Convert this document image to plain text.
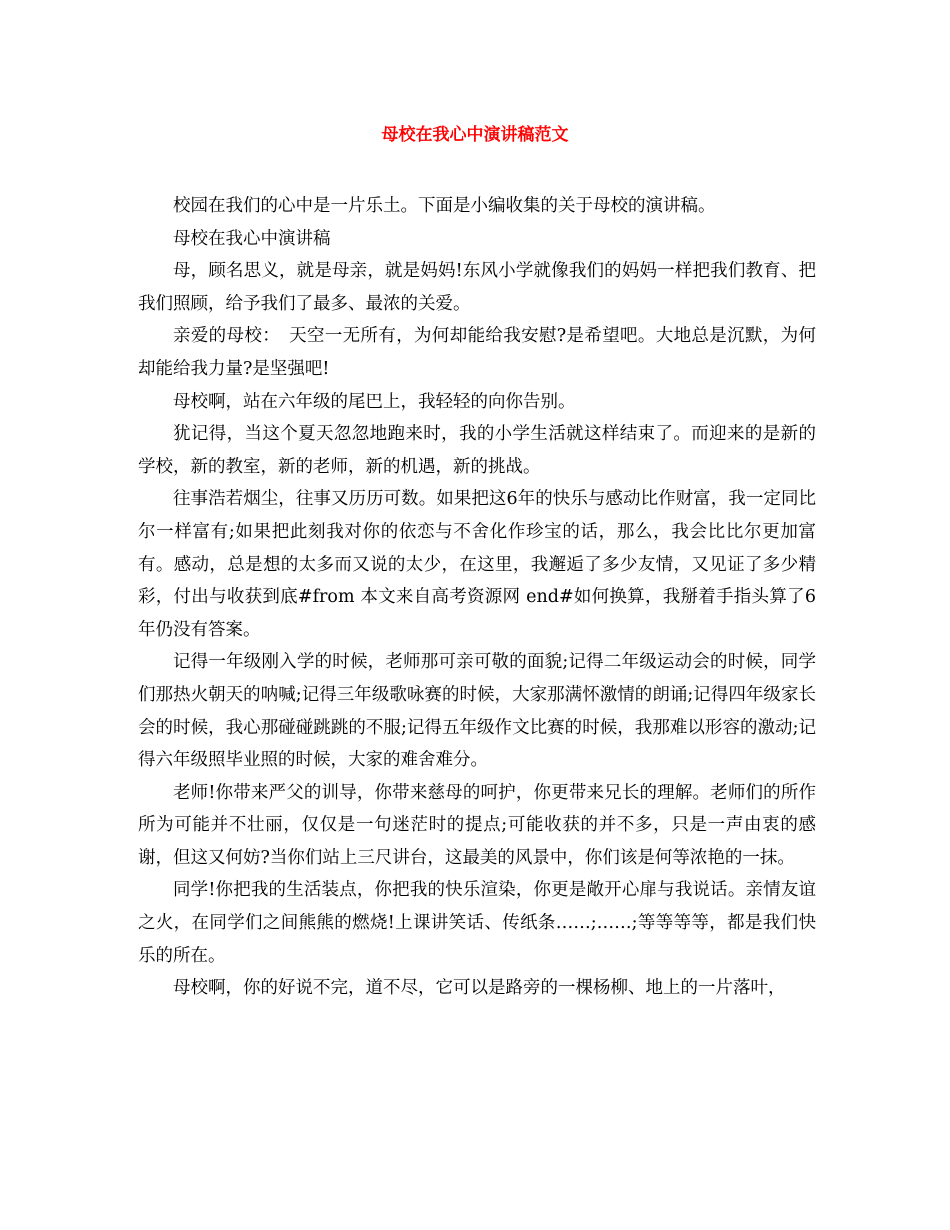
母校在我心中演讲稿范文

校园在我们的心中是一片乐土。下面是小编收集的关于母校的演讲稿。

母校在我心中演讲稿

母，顾名思义，就是母亲，就是妈妈!东风小学就像我们的妈妈一样把我们教育、把我们照顾，给予我们了最多、最浓的关爱。

亲爱的母校：　天空一无所有，为何却能给我安慰?是希望吧。大地总是沉默，为何却能给我力量?是坚强吧!

母校啊，站在六年级的尾巴上，我轻轻的向你告别。

犹记得，当这个夏天忽忽地跑来时，我的小学生活就这样结束了。而迎来的是新的学校，新的教室，新的老师，新的机遇，新的挑战。

往事浩若烟尘，往事又历历可数。如果把这6年的快乐与感动比作财富，我一定同比尔一样富有;如果把此刻我对你的依恋与不舍化作珍宝的话，那么，我会比比尔更加富有。感动，总是想的太多而又说的太少，在这里，我邂逅了多少友情，又见证了多少精彩，付出与收获到底#from 本文来自高考资源网 end#如何换算，我掰着手指头算了6年仍没有答案。

记得一年级刚入学的时候，老师那可亲可敬的面貌;记得二年级运动会的时候，同学们那热火朝天的呐喊;记得三年级歌咏赛的时候，大家那满怀激情的朗诵;记得四年级家长会的时候，我心那碰碰跳跳的不服;记得五年级作文比赛的时候，我那难以形容的激动;记得六年级照毕业照的时候，大家的难舍难分。

老师!你带来严父的训导，你带来慈母的呵护，你更带来兄长的理解。老师们的所作所为可能并不壮丽，仅仅是一句迷茫时的提点;可能收获的并不多，只是一声由衷的感谢，但这又何妨?当你们站上三尺讲台，这最美的风景中，你们该是何等浓艳的一抹。

同学!你把我的生活装点，你把我的快乐渲染，你更是敞开心扉与我说话。亲情友谊之火，在同学们之间熊熊的燃烧!上课讲笑话、传纸条……;……;等等等等，都是我们快乐的所在。

母校啊，你的好说不完，道不尽，它可以是路旁的一棵杨柳、地上的一片落叶，
